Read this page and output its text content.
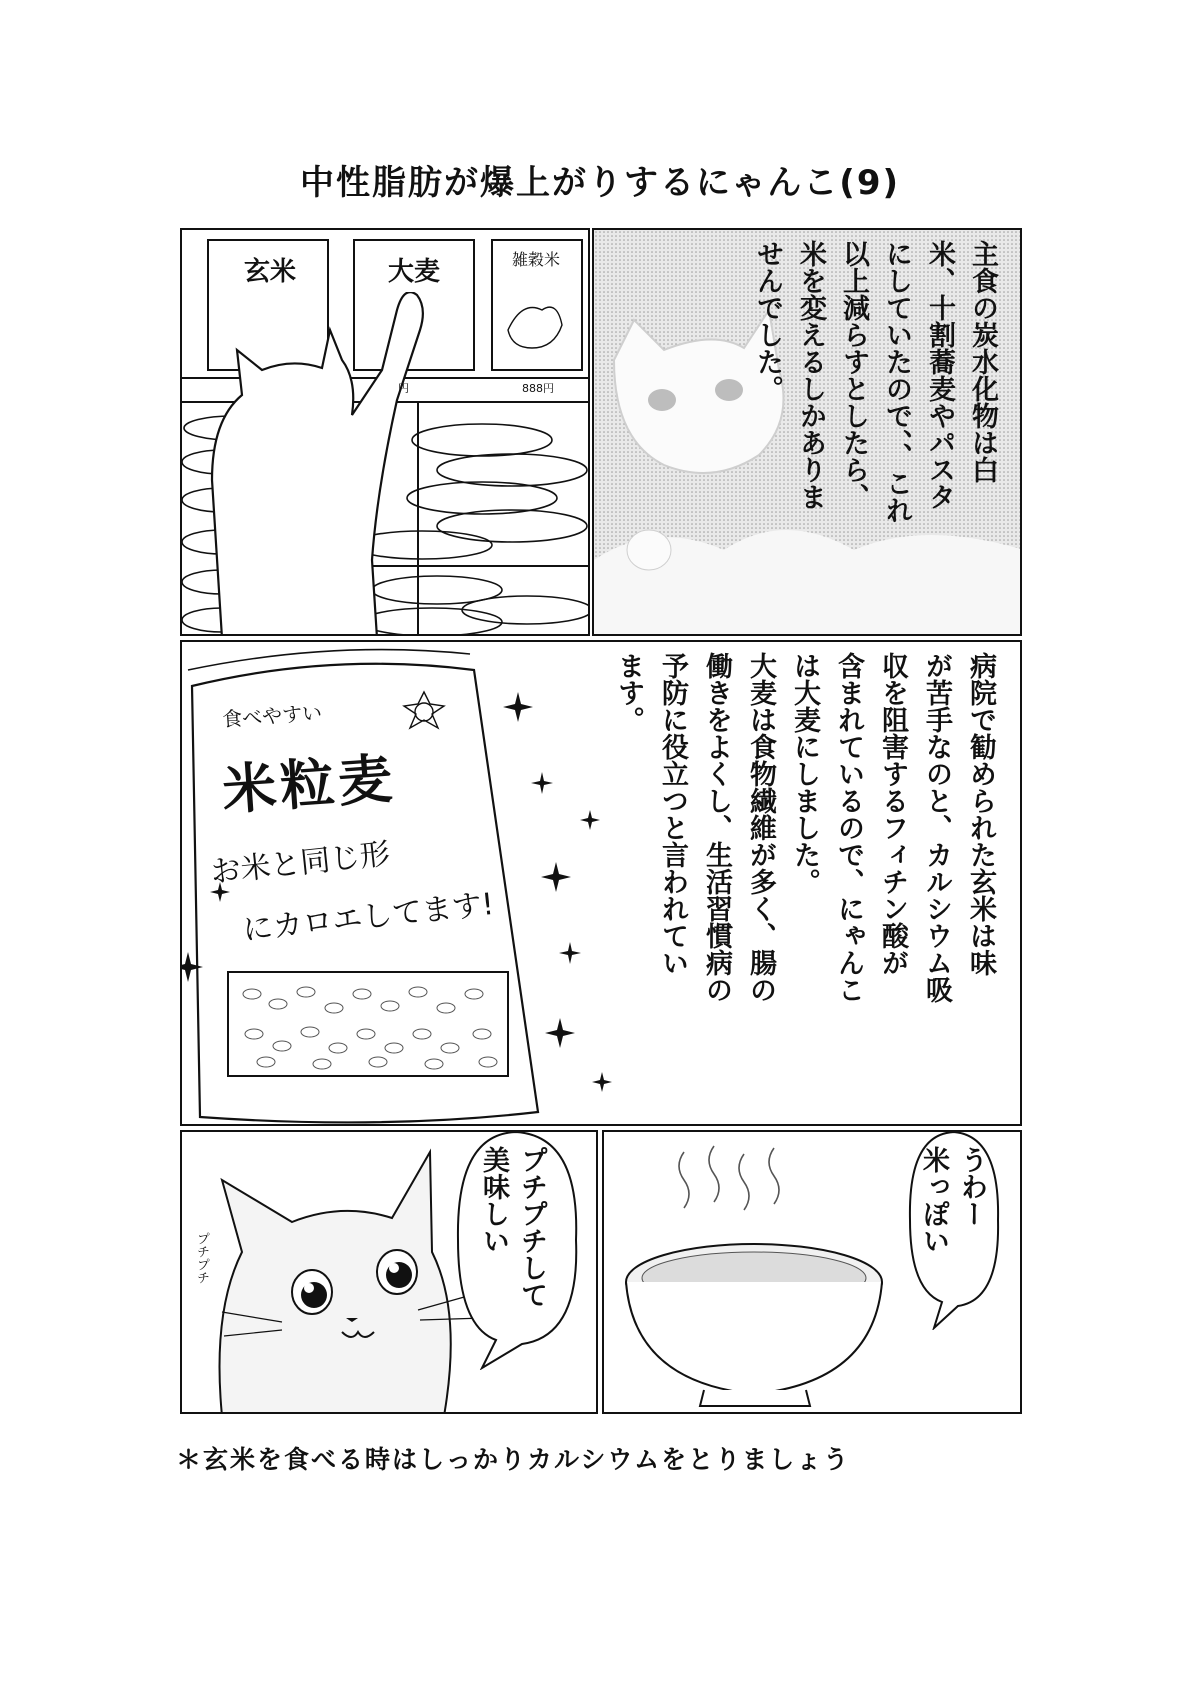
中性脂肪が爆上がりするにゃんこ(9)
玄米	大麦	雑穀米
円	888円	主食の炭水化物は白
米、十割蕎麦やパスタ
にしていたので、、これ
以上減らすとしたら、
米を変えるしかありま
せんでした。
食べやすい
米粒麦
お米と同じ形
にカロエしてます!	病院で勧められた玄米は味
が苦手なのと、カルシウム吸
収を阻害するフィチン酸が
含まれているので、にゃんこ
は大麦にしました。
大麦は食物繊維が多く、腸の
働きをよくし、生活習慣病の
予防に役立つと言われてい
ます。
プチプチ	プチプチして
美味しい	うわー
米っぽい
＊玄米を食べる時はしっかりカルシウムをとりましょう
